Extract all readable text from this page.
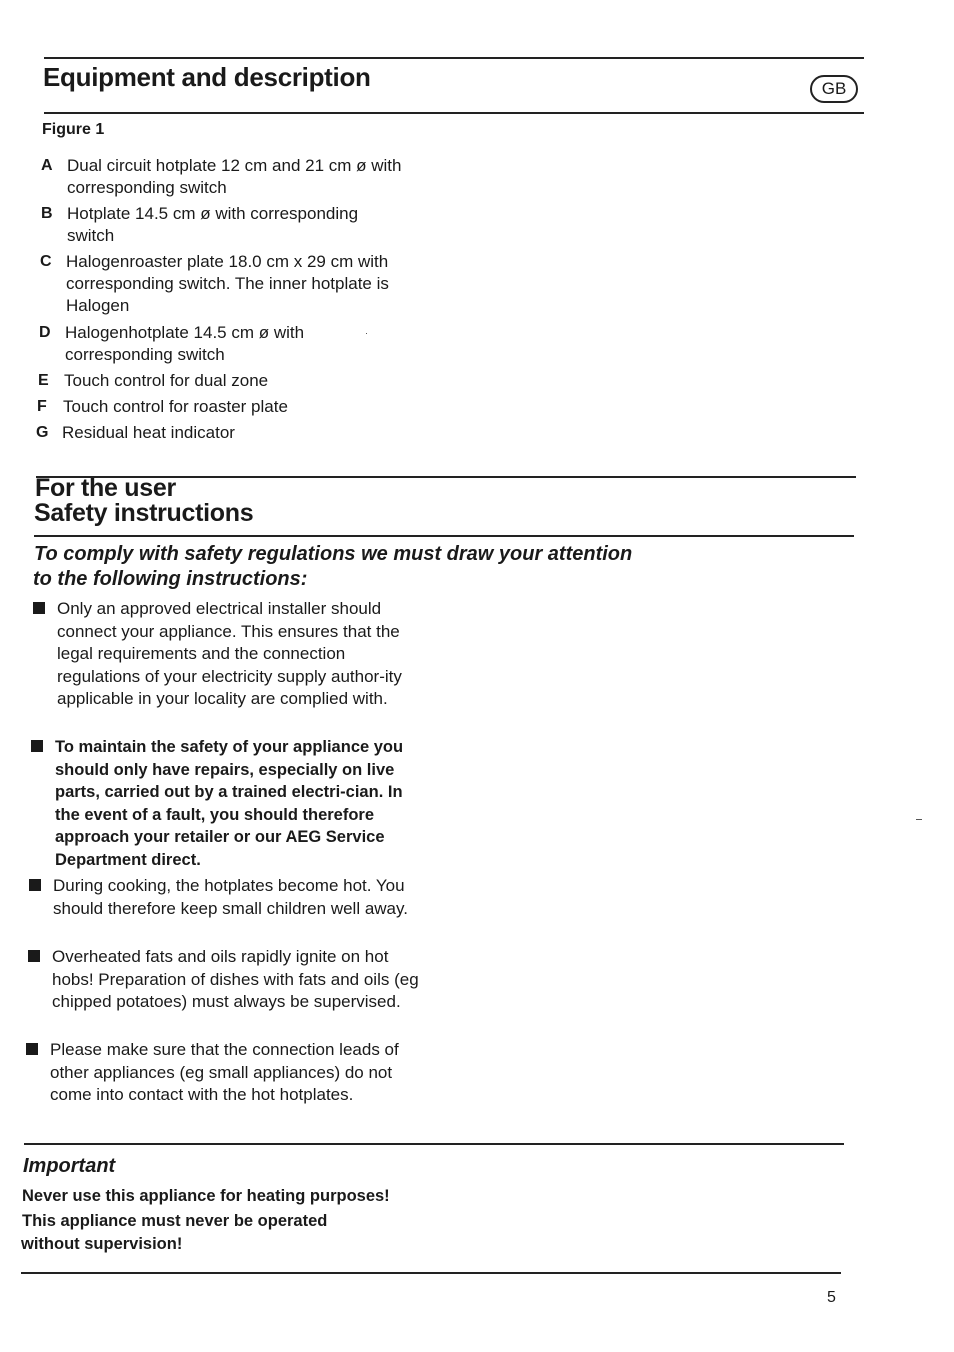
Equipment and description	GB
Figure 1
A Dual circuit hotplate 12 cm and 21 cm ø with corresponding switch
B Hotplate 14.5 cm ø with corresponding switch
C Halogenroaster plate 18.0 cm x 29 cm with corresponding switch. The inner hotplate is Halogen
D Halogenhotplate 14.5 cm ø with corresponding switch
E Touch control for dual zone
F Touch control for roaster plate
G Residual heat indicator
For the user
Safety instructions
To comply with safety regulations we must draw your attention
to the following instructions:
Only an approved electrical installer should connect your appliance. This ensures that the legal requirements and the connection regulations of your electricity supply author-ity applicable in your locality are complied with.
To maintain the safety of your appliance you should only have repairs, especially on live parts, carried out by a trained electri-cian. In the event of a fault, you should therefore approach your retailer or our AEG Service Department direct.
During cooking, the hotplates become hot. You should therefore keep small children well away.
Overheated fats and oils rapidly ignite on hot hobs! Preparation of dishes with fats and oils (eg chipped potatoes) must always be supervised.
Please make sure that the connection leads of other appliances (eg small appliances) do not come into contact with the hot hotplates.
Important
Never use this appliance for heating purposes!
This appliance must never be operated
without supervision!
5
